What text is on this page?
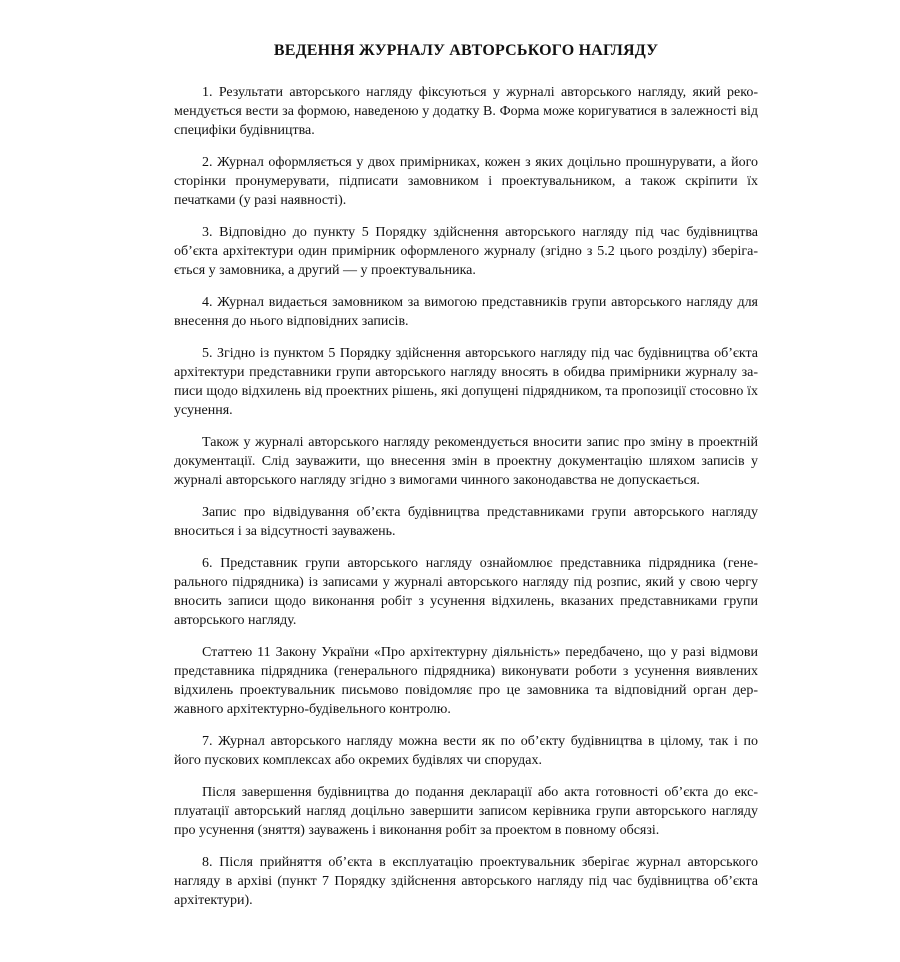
ВЕДЕННЯ ЖУРНАЛУ АВТОРСЬКОГО НАГЛЯДУ

1. Результати авторського нагляду фіксуються у журналі авторського нагляду, який рекомендується вести за формою, наведеною у додатку В. Форма може коригуватися в залежності від специфіки будівництва.

2. Журнал оформляється у двох примірниках, кожен з яких доцільно прошнурувати, а його сторінки пронумерувати, підписати замовником і проектувальником, а також скріпити їх печатками (у разі наявності).

3. Відповідно до пункту 5 Порядку здійснення авторського нагляду під час будівництва об’єкта архітектури один примірник оформленого журналу (згідно з 5.2 цього розділу) зберігається у замовника, а другий — у проектувальника.

4. Журнал видається замовником за вимогою представників групи авторського нагляду для внесення до нього відповідних записів.

5. Згідно із пунктом 5 Порядку здійснення авторського нагляду під час будівництва об’єкта архітектури представники групи авторського нагляду вносять в обидва примірники журналу записи щодо відхилень від проектних рішень, які допущені підрядником, та пропозиції стосовно їх усунення.

Також у журналі авторського нагляду рекомендується вносити запис про зміну в проектній документації. Слід зауважити, що внесення змін в проектну документацію шляхом записів у журналі авторського нагляду згідно з вимогами чинного законодавства не допускається.

Запис про відвідування об’єкта будівництва представниками групи авторського нагляду вноситься і за відсутності зауважень.

6. Представник групи авторського нагляду ознайомлює представника підрядника (генерального підрядника) із записами у журналі авторського нагляду під розпис, який у свою чергу вносить записи щодо виконання робіт з усунення відхилень, вказаних представниками групи авторського нагляду.

Статтею 11 Закону України «Про архітектурну діяльність» передбачено, що у разі відмови представника підрядника (генерального підрядника) виконувати роботи з усунення виявлених відхилень проектувальник письмово повідомляє про це замовника та відповідний орган державного архітектурно-будівельного контролю.

7. Журнал авторського нагляду можна вести як по об’єкту будівництва в цілому, так і по його пускових комплексах або окремих будівлях чи спорудах.

Після завершення будівництва до подання декларації або акта готовності об’єкта до експлуатації авторський нагляд доцільно завершити записом керівника групи авторського нагляду про усунення (зняття) зауважень і виконання робіт за проектом в повному обсязі.

8. Після прийняття об’єкта в експлуатацію проектувальник зберігає журнал авторського нагляду в архіві (пункт 7 Порядку здійснення авторського нагляду під час будівництва об’єкта архітектури).
